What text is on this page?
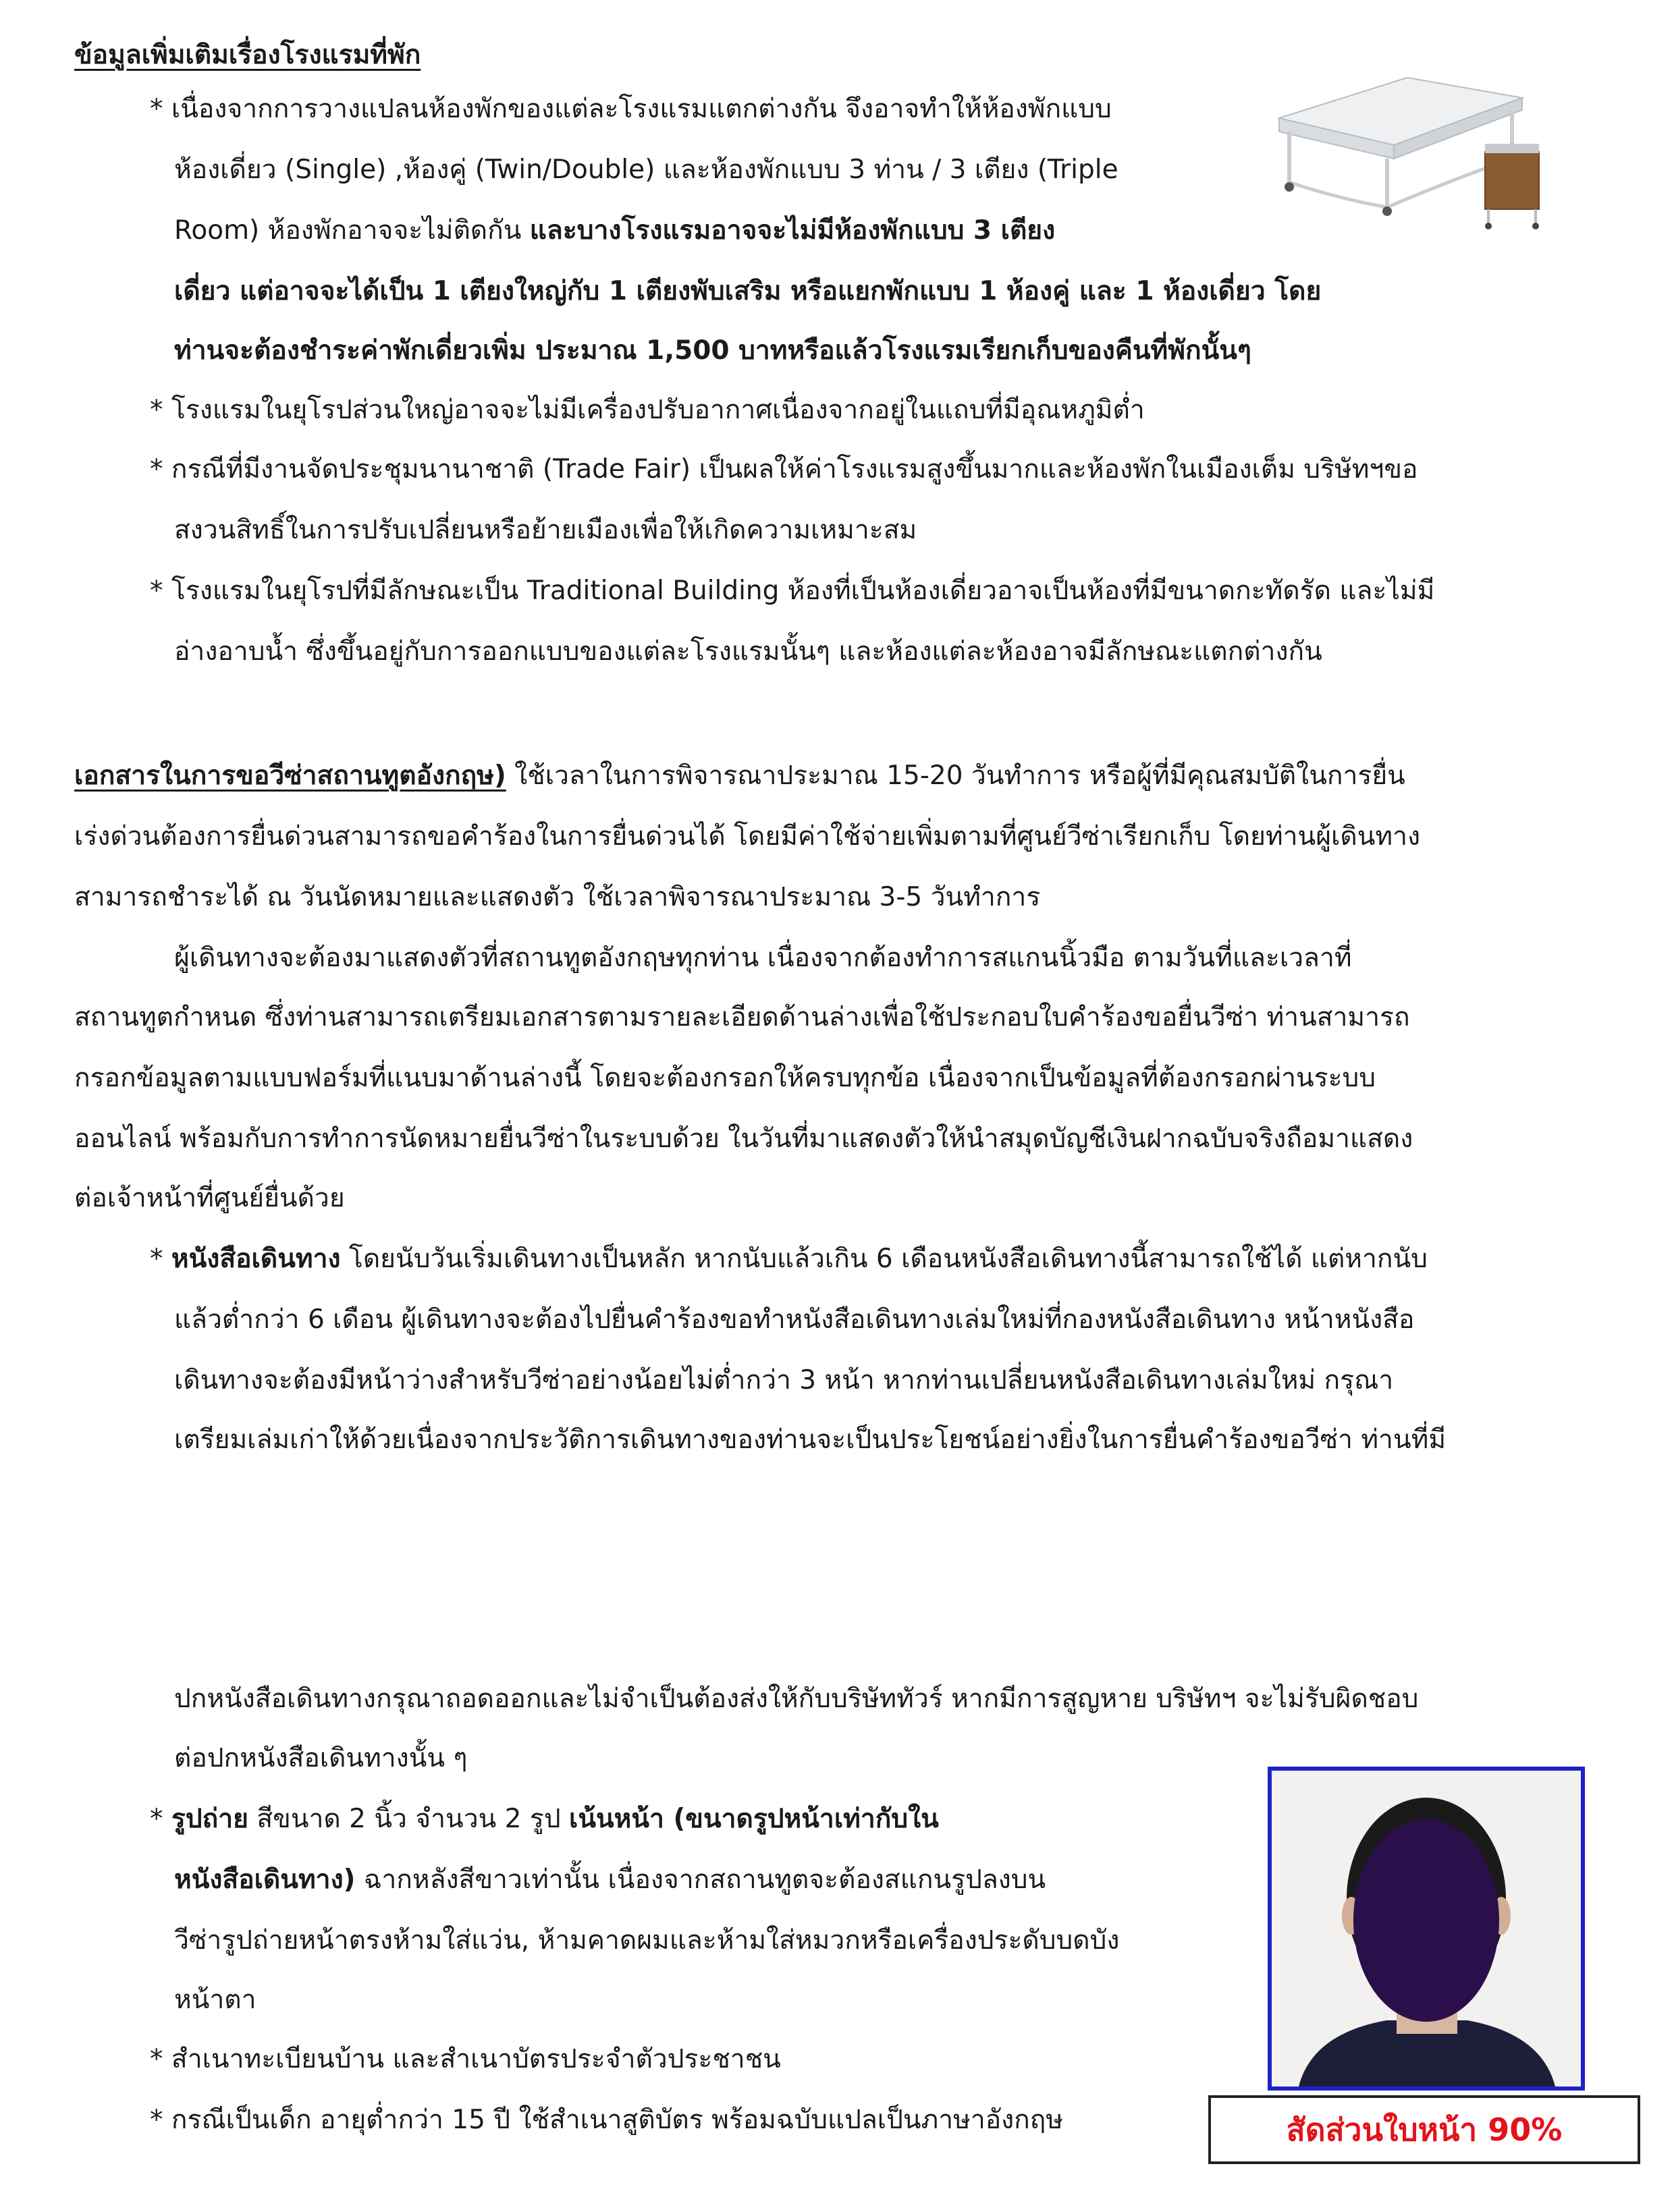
ข้อมูลเพิ่มเติมเรื่องโรงแรมที่พัก
* เนื่องจากการวางแปลนห้องพักของแต่ละโรงแรมแตกต่างกัน จึงอาจทำให้ห้องพักแบบ
ห้องเดี่ยว (Single) ,ห้องคู่ (Twin/Double) และห้องพักแบบ 3 ท่าน / 3 เตียง (Triple
Room) ห้องพักอาจจะไม่ติดกัน และบางโรงแรมอาจจะไม่มีห้องพักแบบ 3 เตียง
เดี่ยว แต่อาจจะได้เป็น 1 เตียงใหญ่กับ 1 เตียงพับเสริม หรือแยกพักแบบ 1 ห้องคู่ และ 1 ห้องเดี่ยว โดย
ท่านจะต้องชำระค่าพักเดี่ยวเพิ่ม ประมาณ 1,500 บาทหรือแล้วโรงแรมเรียกเก็บของคืนที่พักนั้นๆ
* โรงแรมในยุโรปส่วนใหญ่อาจจะไม่มีเครื่องปรับอากาศเนื่องจากอยู่ในแถบที่มีอุณหภูมิต่ำ
* กรณีที่มีงานจัดประชุมนานาชาติ (Trade Fair) เป็นผลให้ค่าโรงแรมสูงขึ้นมากและห้องพักในเมืองเต็ม บริษัทฯขอ
สงวนสิทธิ์ในการปรับเปลี่ยนหรือย้ายเมืองเพื่อให้เกิดความเหมาะสม
* โรงแรมในยุโรปที่มีลักษณะเป็น Traditional Building ห้องที่เป็นห้องเดี่ยวอาจเป็นห้องที่มีขนาดกะทัดรัด และไม่มี
อ่างอาบน้ำ ซึ่งขึ้นอยู่กับการออกแบบของแต่ละโรงแรมนั้นๆ และห้องแต่ละห้องอาจมีลักษณะแตกต่างกัน
เอกสารในการขอวีซ่าสถานทูตอังกฤษ) ใช้เวลาในการพิจารณาประมาณ 15-20 วันทำการ หรือผู้ที่มีคุณสมบัติในการยื่น
เร่งด่วนต้องการยื่นด่วนสามารถขอคำร้องในการยื่นด่วนได้ โดยมีค่าใช้จ่ายเพิ่มตามที่ศูนย์วีซ่าเรียกเก็บ โดยท่านผู้เดินทาง
สามารถชำระได้ ณ วันนัดหมายและแสดงตัว ใช้เวลาพิจารณาประมาณ 3-5 วันทำการ
ผู้เดินทางจะต้องมาแสดงตัวที่สถานทูตอังกฤษทุกท่าน เนื่องจากต้องทำการสแกนนิ้วมือ ตามวันที่และเวลาที่
สถานทูตกำหนด ซึ่งท่านสามารถเตรียมเอกสารตามรายละเอียดด้านล่างเพื่อใช้ประกอบใบคำร้องขอยื่นวีซ่า ท่านสามารถ
กรอกข้อมูลตามแบบฟอร์มที่แนบมาด้านล่างนี้ โดยจะต้องกรอกให้ครบทุกข้อ เนื่องจากเป็นข้อมูลที่ต้องกรอกผ่านระบบ
ออนไลน์ พร้อมกับการทำการนัดหมายยื่นวีซ่าในระบบด้วย ในวันที่มาแสดงตัวให้นำสมุดบัญชีเงินฝากฉบับจริงถือมาแสดง
ต่อเจ้าหน้าที่ศูนย์ยื่นด้วย
* หนังสือเดินทาง โดยนับวันเริ่มเดินทางเป็นหลัก หากนับแล้วเกิน 6 เดือนหนังสือเดินทางนี้สามารถใช้ได้ แต่หากนับ
แล้วต่ำกว่า 6 เดือน ผู้เดินทางจะต้องไปยื่นคำร้องขอทำหนังสือเดินทางเล่มใหม่ที่กองหนังสือเดินทาง หน้าหนังสือ
เดินทางจะต้องมีหน้าว่างสำหรับวีซ่าอย่างน้อยไม่ต่ำกว่า 3 หน้า หากท่านเปลี่ยนหนังสือเดินทางเล่มใหม่ กรุณา
เตรียมเล่มเก่าให้ด้วยเนื่องจากประวัติการเดินทางของท่านจะเป็นประโยชน์อย่างยิ่งในการยื่นคำร้องขอวีซ่า ท่านที่มี
ปกหนังสือเดินทางกรุณาถอดออกและไม่จำเป็นต้องส่งให้กับบริษัททัวร์ หากมีการสูญหาย บริษัทฯ จะไม่รับผิดชอบ
ต่อปกหนังสือเดินทางนั้น ๆ
* รูปถ่าย สีขนาด 2 นิ้ว จำนวน 2 รูป เน้นหน้า (ขนาดรูปหน้าเท่ากับใน
หนังสือเดินทาง) ฉากหลังสีขาวเท่านั้น เนื่องจากสถานทูตจะต้องสแกนรูปลงบน
วีซ่ารูปถ่ายหน้าตรงห้ามใส่แว่น, ห้ามคาดผมและห้ามใส่หมวกหรือเครื่องประดับบดบัง
หน้าตา
* สำเนาทะเบียนบ้าน และสำเนาบัตรประจำตัวประชาชน
* กรณีเป็นเด็ก อายุต่ำกว่า 15 ปี ใช้สำเนาสูติบัตร พร้อมฉบับแปลเป็นภาษาอังกฤษ	สัดส่วนใบหน้า 90%
